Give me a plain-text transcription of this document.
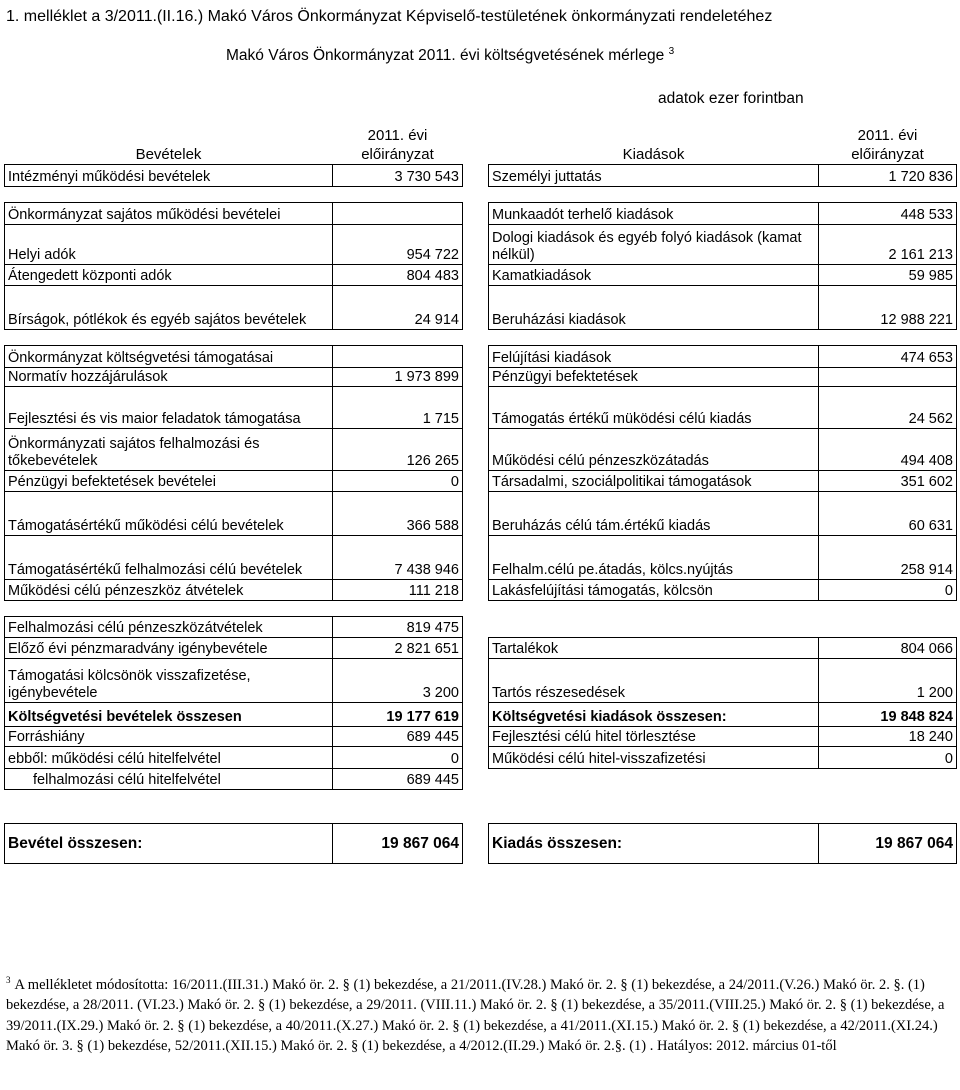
1. melléklet a 3/2011.(II.16.) Makó Város Önkormányzat Képviselő-testületének önkormányzati rendeletéhez
Makó Város Önkormányzat 2011. évi költségvetésének mérlege $^3$
adatok ezer forintban
Bevételek	2011. évi előirányzat		Kiadások	2011. évi előirányzat
Intézményi működési bevételek	3 730 543		Személyi juttatás	1 720 836

Önkormányzat sajátos működési bevételei			Munkaadót terhelő kiadások	448 533
Helyi adók	954 722		Dologi kiadások és egyéb folyó kiadások (kamat nélkül)	2 161 213
Átengedett központi adók	804 483		Kamatkiadások	59 985
Bírságok, pótlékok és egyéb sajátos bevételek	24 914		Beruházási kiadások	12 988 221

Önkormányzat költségvetési támogatásai			Felújítási kiadások	474 653
Normatív hozzájárulások	1 973 899		Pénzügyi befektetések	
Fejlesztési és vis maior feladatok támogatása	1 715		Támogatás értékű müködési célú kiadás	24 562
Önkormányzati sajátos felhalmozási és tőkebevételek	126 265		Működési célú pénzeszközátadás	494 408
Pénzügyi befektetések bevételei	0		Társadalmi, szociálpolitikai támogatások	351 602
Támogatásértékű működési célú bevételek	366 588		Beruházás célú tám.értékű kiadás	60 631
Támogatásértékű felhalmozási célú bevételek	7 438 946		Felhalm.célú pe.átadás, kölcs.nyújtás	258 914
Működési célú pénzeszköz átvételek	111 218		Lakásfelújítási támogatás, kölcsön	0

Felhalmozási célú pénzeszközátvételek	819 475			
Előző évi pénzmaradvány igénybevétele	2 821 651		Tartalékok	804 066
Támogatási kölcsönök visszafizetése, igénybevétele	3 200		Tartós részesedések	1 200
Költségvetési bevételek összesen	19 177 619		Költségvetési kiadások összesen:	19 848 824
Forráshiány	689 445		Fejlesztési célú hitel törlesztése	18 240
ebből: működési célú hitelfelvétel	0		Működési célú hitel-visszafizetési	0
felhalmozási célú hitelfelvétel	689 445			

Bevétel összesen:	19 867 064		Kiadás összesen:	19 867 064
$^3$ A mellékletet módosította: 16/2011.(III.31.) Makó ör. 2. § (1) bekezdése, a 21/2011.(IV.28.) Makó ör. 2. § (1) bekezdése, a 24/2011.(V.26.) Makó ör. 2. §. (1) bekezdése, a 28/2011. (VI.23.) Makó ör. 2. § (1) bekezdése, a 29/2011. (VIII.11.) Makó ör. 2. § (1) bekezdése, a 35/2011.(VIII.25.) Makó ör. 2. § (1) bekezdése, a 39/2011.(IX.29.) Makó ör. 2. § (1) bekezdése, a 40/2011.(X.27.) Makó ör. 2. § (1) bekezdése, a 41/2011.(XI.15.) Makó ör. 2. § (1) bekezdése, a 42/2011.(XI.24.) Makó ör. 3. § (1) bekezdése, 52/2011.(XII.15.) Makó ör. 2. § (1) bekezdése, a 4/2012.(II.29.) Makó ör. 2.§. (1) . Hatályos: 2012. március 01-től
